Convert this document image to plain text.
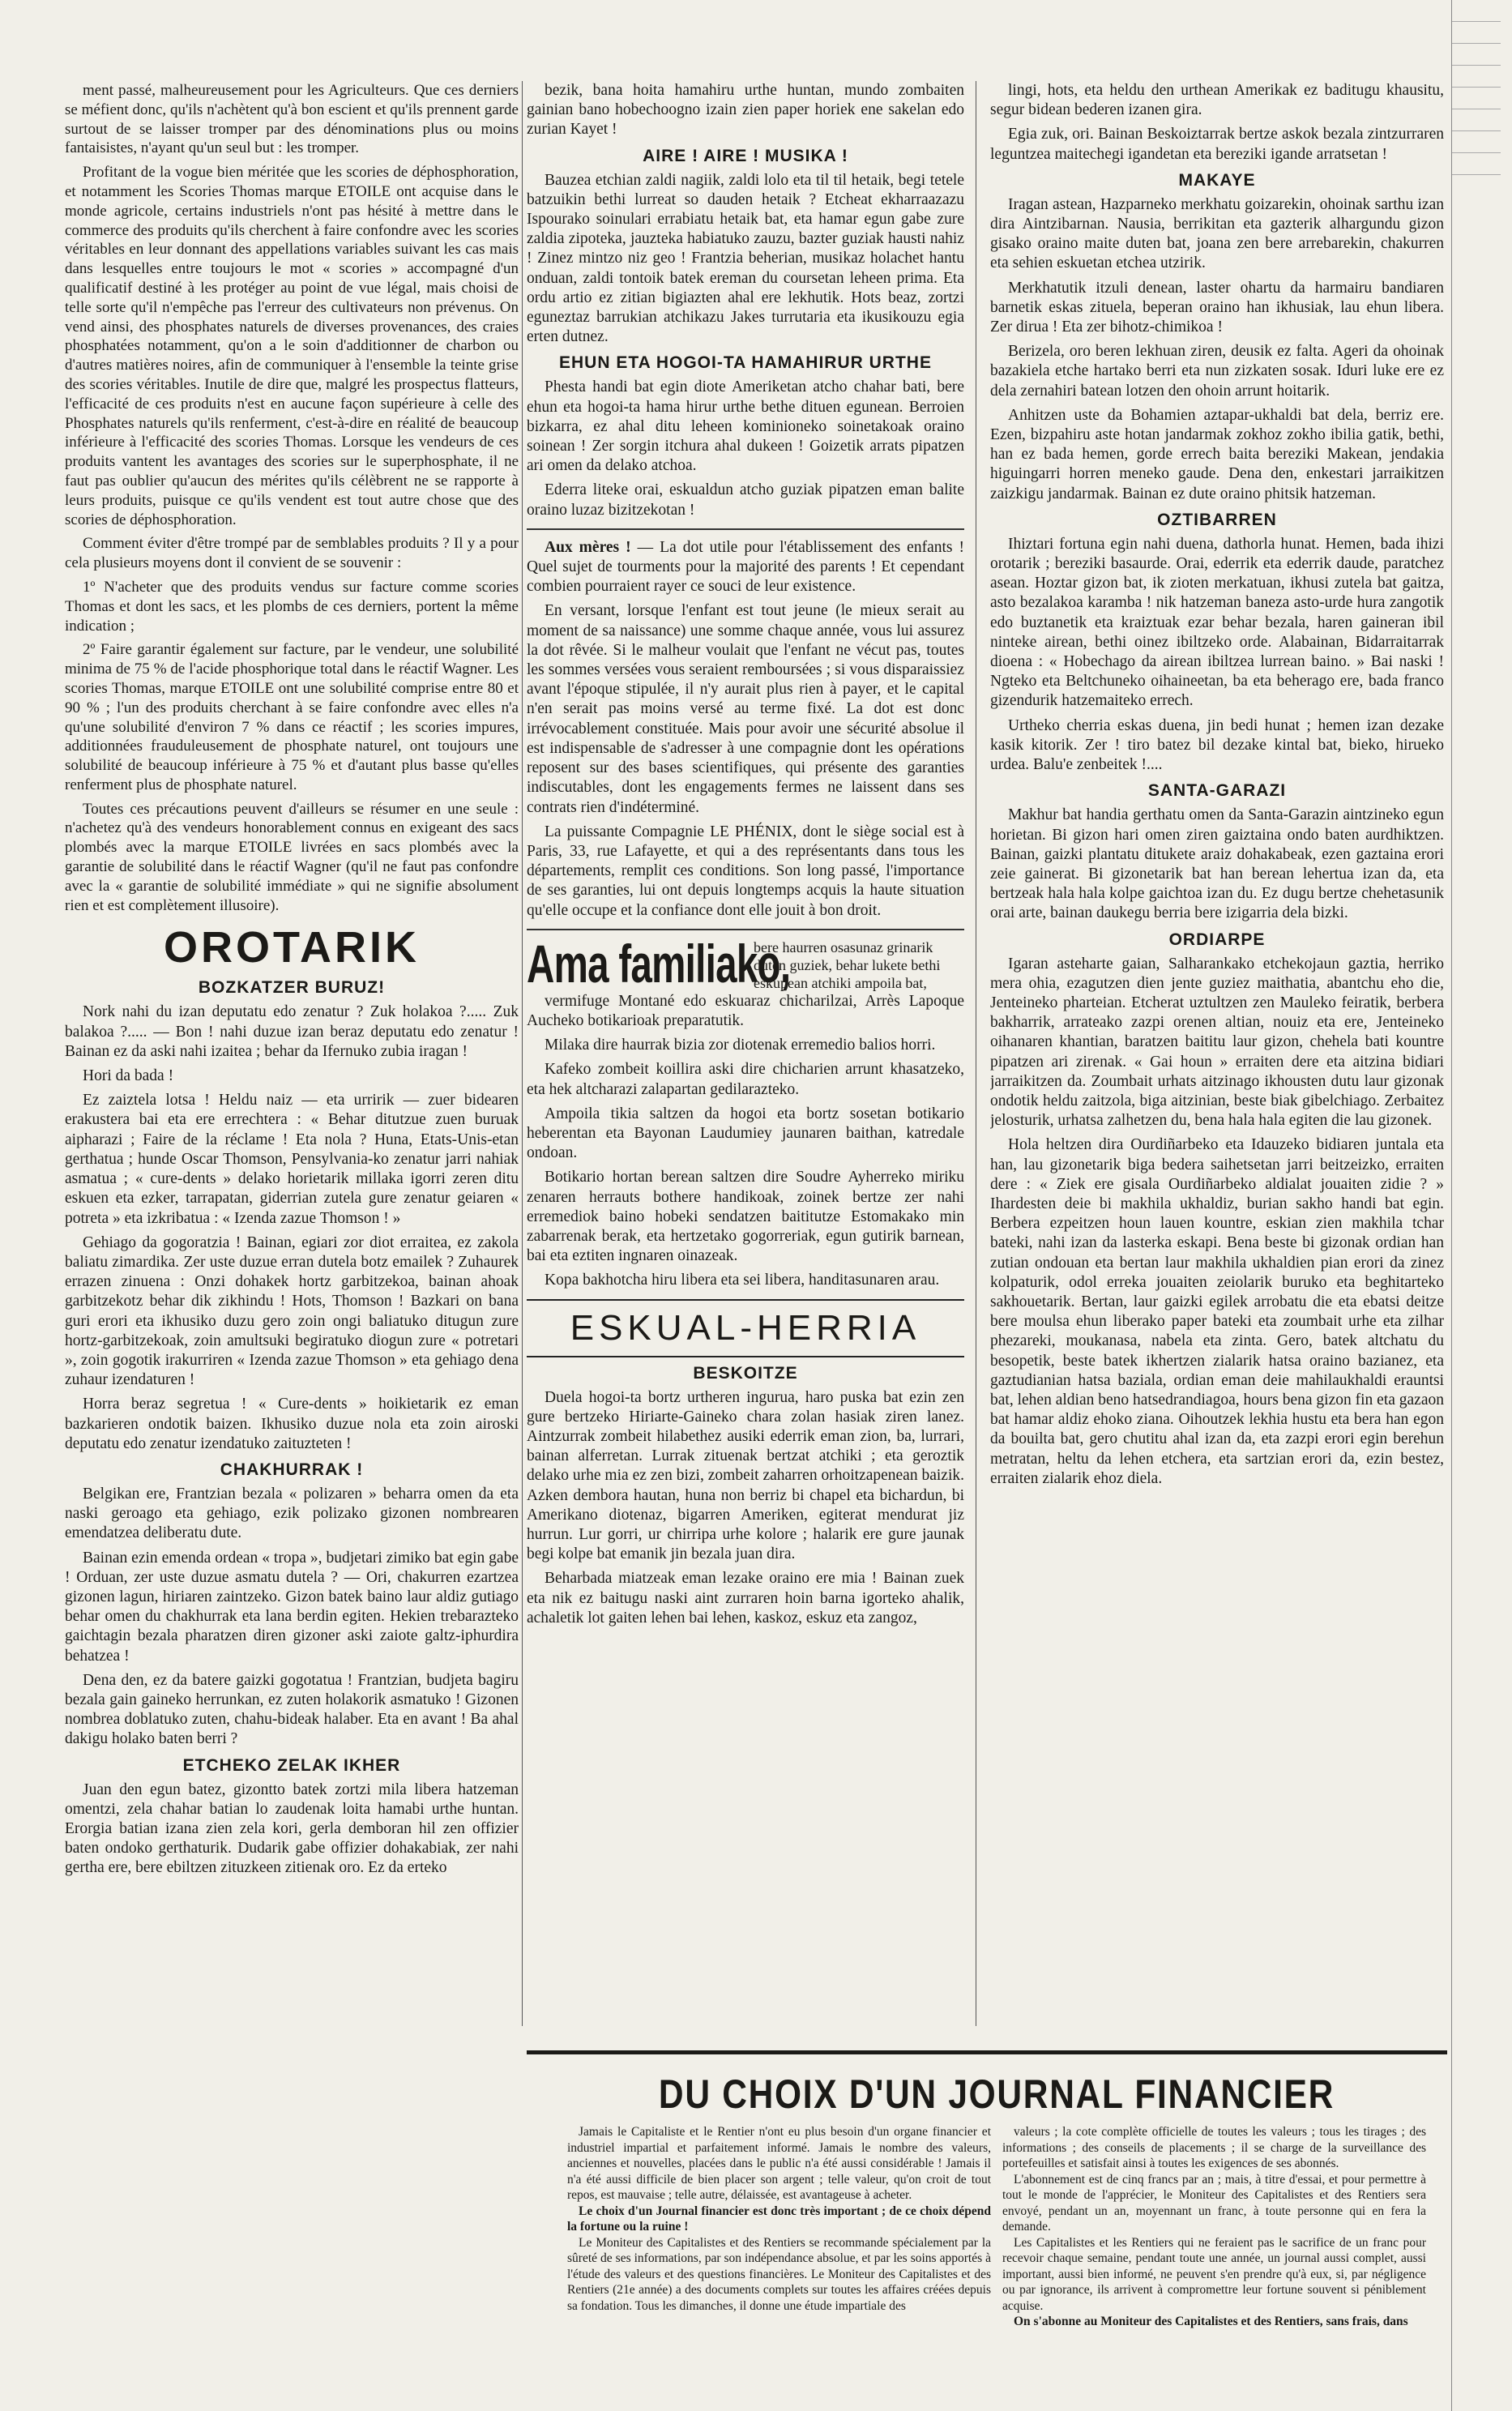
ment passé, malheureusement pour les Agriculteurs. Que ces derniers se méfient donc, qu'ils n'achètent qu'à bon escient et qu'ils prennent garde surtout de se laisser tromper par des dénominations plus ou moins fantaisistes, n'ayant qu'un seul but : les tromper.

Profitant de la vogue bien méritée que les scories de déphosphoration, et notamment les Scories Thomas marque ETOILE ont acquise dans le monde agricole, certains industriels n'ont pas hésité à mettre dans le commerce des produits qu'ils cherchent à faire confondre avec les scories véritables en leur donnant des appellations variables suivant les cas mais dans lesquelles entre toujours le mot « scories » accompagné d'un qualificatif destiné à les protéger au point de vue légal, mais choisi de telle sorte qu'il n'empêche pas l'erreur des cultivateurs non prévenus. On vend ainsi, des phosphates naturels de diverses provenances, des craies phosphatées notamment, qu'on a le soin d'additionner de charbon ou d'autres matières noires, afin de communiquer à l'ensemble la teinte grise des scories véritables. Inutile de dire que, malgré les prospectus flatteurs, l'efficacité de ces produits n'est en aucune façon supérieure à celle des Phosphates naturels qu'ils renferment, c'est-à-dire en réalité de beaucoup inférieure à l'efficacité des scories Thomas. Lorsque les vendeurs de ces produits vantent les avantages des scories sur le superphosphate, il ne faut pas oublier qu'aucun des mérites qu'ils célèbrent ne se rapporte à leurs produits, puisque ce qu'ils vendent est tout autre chose que des scories de déphosphoration.

Comment éviter d'être trompé par de semblables produits ? Il y a pour cela plusieurs moyens dont il convient de se souvenir :

1º N'acheter que des produits vendus sur facture comme scories Thomas et dont les sacs, et les plombs de ces derniers, portent la même indication ;

2º Faire garantir également sur facture, par le vendeur, une solubilité minima de 75 % de l'acide phosphorique total dans le réactif Wagner. Les scories Thomas, marque ETOILE ont une solubilité comprise entre 80 et 90 % ; l'un des produits cherchant à se faire confondre avec elles n'a qu'une solubilité d'environ 7 % dans ce réactif ; les scories impures, additionnées frauduleusement de phosphate naturel, ont toujours une solubilité de beaucoup inférieure à 75 % et d'autant plus basse qu'elles renferment plus de phosphate naturel.

Toutes ces précautions peuvent d'ailleurs se résumer en une seule : n'achetez qu'à des vendeurs honorablement connus en exigeant des sacs plombés avec la marque ETOILE livrées en sacs plombés avec la garantie de solubilité dans le réactif Wagner (qu'il ne faut pas confondre avec la « garantie de solubilité immédiate » qui ne signifie absolument rien et est complètement illusoire).

OROTARIK
BOZKATZER BURUZ!

Nork nahi du izan deputatu edo zenatur ? Zuk holakoa ?..... Zuk balakoa ?..... — Bon ! nahi duzue izan beraz deputatu edo zenatur ! Bainan ez da aski nahi izaitea ; behar da Ifernuko zubia iragan !

Hori da bada !

Ez zaiztela lotsa ! Heldu naiz — eta urririk — zuer bidearen erakustera bai eta ere errechtera : « Behar ditutzue zuen buruak aipharazi ; Faire de la réclame ! Eta nola ? Huna, Etats-Unis-etan gerthatua ; hunde Oscar Thomson, Pensylvania-ko zenatur jarri nahiak asmatua ; « cure-dents » delako horietarik millaka igorri zeren ditu eskuen eta ezker, tarrapatan, giderrian zutela gure zenatur geiaren « potreta » eta izkribatua : « Izenda zazue Thomson ! »

Gehiago da gogoratzia ! Bainan, egiari zor diot erraitea, ez zakola baliatu zimardika. Zer uste duzue erran dutela botz emailek ? Zuhaurek errazen zinuena : Onzi dohakek hortz garbitzekoa, bainan ahoak garbitzekotz behar dik zikhindu ! Hots, Thomson ! Bazkari on bana guri erori eta ikhusiko duzu gero zoin ongi baliatuko ditugun zure hortz-garbitzekoak, zoin amultsuki begiratuko diogun zure « potretari », zoin gogotik irakurriren « Izenda zazue Thomson » eta gehiago dena zuhaur izendaturen !

Horra beraz segretua ! « Cure-dents » hoikietarik ez eman bazkarieren ondotik baizen. Ikhusiko duzue nola eta zoin airoski deputatu edo zenatur izendatuko zaituzteten !

CHAKHURRAK !

Belgikan ere, Frantzian bezala « polizaren » beharra omen da eta naski geroago eta gehiago, ezik polizako gizonen nombrearen emendatzea deliberatu dute.

Bainan ezin emenda ordean « tropa », budjetari zimiko bat egin gabe ! Orduan, zer uste duzue asmatu dutela ? — Ori, chakurren ezartzea gizonen lagun, hiriaren zaintzeko. Gizon batek baino laur aldiz gutiago behar omen du chakhurrak eta lana berdin egiten. Hekien trebaraztekо gaichtagin bezala pharatzen diren gizoner aski zaiote galtz-iphurdira behatzea !

Dena den, ez da batere gaizki gogotatua ! Frantzian, budjeta bagiru bezala gain gaineko herrunkan, ez zuten holakorik asmatuko ! Gizonen nombrea doblatuko zuten, chahu-bideak halaber. Eta en avant ! Ba ahal dakigu holako baten berri ?

ETCHEKO ZELAK IKHER

Juan den egun batez, gizontto batek zortzi mila libera hatzeman omentzi, zela chahar batian lo zaudenak loita hamabi urthe huntan. Erorgia batian izana zien zela kori, gerla demboran hil zen offizier baten ondoko gerthaturik. Dudarik gabe offizier dohakabiak, zer nahi gertha ere, bere ebiltzen zituzkeen zitienak oro. Ez da erteko

bezik, bana hoita hamahiru urthe huntan, mundo zombaiten gainian bano hobechoogno izain zien paper horiek ene sakelan edo zurian Kayet !

AIRE ! AIRE ! MUSIKA !

Bauzea etchian zaldi nagiik, zaldi lolo eta til til hetaik, begi tetele batzuikin bethi lurreat so dauden hetaik ? Etcheat ekharraazazu Ispourako soinulari errabiatu hetaik bat, eta hamar egun gabe zure zaldia zipoteka, jauzteka habiatuko zauzu, bazter guziak hausti nahiz ! Zinez mintzo niz geo ! Frantzia beherian, musikaz holachet hantu onduan, zaldi tontoik batek ereman du coursetan leheen prima. Eta ordu artio ez zitian bigiazten ahal ere lekhutik. Hots beaz, zortzi eguneztaz barrukian atchikazu Jakes turrutaria eta ikusikouzu egia erten dutnez.

EHUN ETA HOGOI-TA HAMAHIRUR URTHE

Phesta handi bat egin diote Ameriketan atcho chahar bati, bere ehun eta hogoi-ta hama hirur urthe bethe dituen egunean. Berroien bizkarra, ez ahal ditu leheen kominioneko soinetakoak oraino soinean ! Zer sorgin itchura ahal dukeen ! Goizetik arrats pipatzen ari omen da delako atchoa.

Ederra liteke orai, eskualdun atcho guziak pipatzen eman balite oraino luzaz bizitzekotan !

Aux mères ! — La dot utile pour l'établissement des enfants ! Quel sujet de tourments pour la majorité des parents ! Et cependant combien pourraient rayer ce souci de leur existence.

En versant, lorsque l'enfant est tout jeune (le mieux serait au moment de sa naissance) une somme chaque année, vous lui assurez la dot rêvée. Si le malheur voulait que l'enfant ne vécut pas, toutes les sommes versées vous seraient remboursées ; si vous disparaissiez avant l'époque stipulée, il n'y aurait plus rien à payer, et le capital n'en serait pas moins versé au terme fixé. La dot est donc irrévocablement constituée. Mais pour avoir une sécurité absolue il est indispensable de s'adresser à une compagnie dont les opérations reposent sur des bases scientifiques, qui présente des garanties indiscutables, dont les engagements fermes ne laissent dans ses contrats rien d'indéterminé.

La puissante Compagnie LE PHÉNIX, dont le siège social est à Paris, 33, rue Lafayette, et qui a des représentants dans tous les départements, remplit ces conditions. Son long passé, l'importance de ses garanties, lui ont depuis longtemps acquis la haute situation qu'elle occupe et la confiance dont elle jouit à bon droit.

Ama familiako,
bere haurren osasunaz grinarik duten guziek, behar lukete bethi eskupean atchiki ampoila bat,

vermifuge Montané edo eskuaraz chicharilzai, Arrès Lapoque Aucheko botikarioak preparatutik.

Milaka dire haurrak bizia zor diotenak erremedio balios horri.

Kafeko zombeit koillira aski dire chicharien arrunt khasatzeko, eta hek altcharazi zalapartan gedilarazteko.

Ampoila tikia saltzen da hogoi eta bortz sosetan botikario heberentan eta Bayonan Laudumiey jaunaren baithan, katredale ondoan.

Botikario hortan berean saltzen dire Soudre Ayherreko miriku zenaren herrauts bothere handikoak, zoinek bertze zer nahi erremediok baino hobeki sendatzen baititutze Estomakako min zabarrenak berak, eta hertzetako gogorreriak, egun gutirik barnean, bai eta eztiten ingnaren oinazeak.

Kopa bakhotcha hiru libera eta sei libera, handitasunaren arau.

ESKUAL-HERRIA
BESKOITZE

Duela hogoi-ta bortz urtheren inguruа, haro puska bat ezin zen gure bertzeko Hiriarte-Gaineko chara zolan hasiak ziren lanez. Aintzurrak zombeit hilabethez ausiki ederrik eman zion, ba, lurrari, bainan alferretan. Lurrak zituenak bertzat atchiki ; eta geroztik delako urhe mia ez zen bizi, zombeit zaharren orhoitzapenean baizik. Azken dembora hautan, huna non berriz bi chapel eta bichardun, bi Amerikano diotenaz, bigarren Ameriken, egiterat mendurat jiz hurrun. Lur gorri, ur chirripa urhe kolore ; halarik ere gure jaunak begi kolpe bat emanik jin bezala juan dira.

Beharbada miatzeak eman lezake oraino ere mia ! Bainan zuek eta nik ez baitugu naski aint zurraren hoin barna igorteko ahalik, achaletik lot gaiten lehen bai lehen, kaskoz, eskuz eta zangoz,

lingi, hots, eta heldu den urthean Amerikak ez baditugu khausitu, segur bidean bederen izanen gira.

Egia zuk, ori. Bainan Beskoiztarrak bertze askok bezala zintzurraren leguntzea maitechegi igandetan eta bereziki igande arratsetan !

MAKAYE

Iragan astean, Hazparneko merkhatu goizarekin, ohoinak sarthu izan dira Aintzibarnan. Nausia, berrikitan eta gazterik alhargundu gizon gisako oraino maite duten bat, joana zen bere arrebarekin, chakurren eta sehien eskuetan etchea utzirik.

Merkhatutik itzuli denean, laster ohartu da harmairu bandiaren barnetik eskas zituela, beperan oraino han ikhusiak, lau ehun libera. Zer dirua ! Eta zer bihotz-chimikoa !

Berizela, oro beren lekhuan ziren, deusik ez falta. Ageri da ohoinak bazakiela etche hartako berri eta nun zizkaten sosak. Iduri luke ere ez dela zernahiri batean lotzen den ohoin arrunt hoitarik.

Anhitzen uste da Bohamien aztapar-ukhaldi bat dela, berriz ere. Ezen, bizpahiru aste hotan jandarmak zokhoz zokho ibilia gatik, bethi, han ez bada hemen, gorde errech baita bereziki Makean, jendakia higuingarri horren meneko gaude. Dena den, enkestari jarraikitzen zaizkigu jandarmak. Bainan ez dute oraino phitsik hatzeman.

OZTIBARREN

Ihiztari fortuna egin nahi duena, dathorla hunat. Hemen, bada ihizi orotarik ; bereziki basaurde. Orai, ederrik eta ederrik daude, paratchez asean. Hoztar gizon bat, ik zioten merkatuan, ikhusi zutela bat gaitza, asto bezalakoa karamba ! nik hatzeman baneza asto-urde hura zangotik edo buztanetik eta kraiztuak ezar behar bezala, haren gaineran ibil ninteke airean, bethi oinez ibiltzeko orde. Alabainan, Bidarraitarrak dioena : « Hobechago da airean ibiltzea lurrean baino. » Bai naski ! Ngteko eta Beltchuneko oihaineetan, ba eta beherago ere, bada franco gizendurik hatzemaiteko errech.

Urtheko cherria eskas duena, jin bedi hunat ; hemen izan dezake kasik kitorik. Zer ! tiro batez bil dezake kintal bat, bieko, hirueko urdea. Balu'e zenbeitek !....

SANTA-GARAZI

Makhur bat handia gerthatu omen da Santa-Garazin aintzineko egun horietan. Bi gizon hari omen ziren gaiztaina ondo baten aurdhiktzen. Bainan, gaizki plantatu ditukete araiz dohakabeak, ezen gaztaina erori zeie gainerat. Bi gizonetarik bat han bereаn lehertua izan da, eta bertzeak hala hala kolpe gaichtoa izan du. Ez dugu bertze chehetasunik orai arte, bainan daukegu berria bere izigarria dela bizki.

ORDIARPE

Igaran asteharte gaian, Salharankako etchekojaun gaztia, herriko mera ohia, ezagutzen dien jente guziez maithatia, abantchu eho die, Jenteineko pharteian. Etcherat uztultzen zen Mauleko feiratik, berbera bakharrik, arrateako zazpi orenen altian, nouiz eta ere, Jenteineko oihanaren khantian, baratzen baititu laur gizon, chehela bati kountre pipatzen ari zirenak. « Gai houn » erraiten dere eta aitzina bidiari jarraikitzen da. Zoumbait urhats aitzinago ikhousten dutu laur gizonak ondotik heldu zaitzola, biga aitzinian, beste biak gibelchiago. Zerbaitez jelosturik, urhatsa zalhetzen du, bena hala hala egiten die lau gizonek.

Hola heltzen dira Ourdiñarbeko eta Idauzeko bidiaren juntala eta han, lau gizonetarik biga bedera saihetsetan jarri beitzeizko, erraiten dere : « Ziek ere gisala Ourdiñarbeko aldialat jouaiten zidie ? » Ihardesten deie bi makhila ukhaldiz, burian sakho handi bat egin. Berbera ezpeitzen houn lauen kountre, eskian zien makhila tchar bateki, nahi izan da lasterka eskapi. Bena beste bi gizonak ordian han zutian ondouan eta bertan laur makhila ukhaldien pian erori da zinez kolpaturik, odol erreka jouaiten zeiolarik buruko eta beghitarteko sakhouetarik. Bertan, laur gaizki egilek arrobatu die eta ebatsi deitze bere moulsa ehun liberako paper bateki eta zoumbait urhe eta zilhar phezareki, moukanasa, nabela eta zinta. Gero, batek altchatu du besopetik, beste batek ikhertzen zialarik hatsa oraino bazianez, eta gaztudianian hatsa baziala, ordian eman deie mahilaukhaldi erauntsi bat, lehen aldian beno hatsedrandiagoa, hours bena gizon fin eta gazaon bat hamar aldiz ehoko ziana. Oihoutzek lekhia hustu eta bera han egon da bouilta bat, gero chutitu ahal izan da, eta zazpi erori egin berehun metratan, heltu da lehen etchera, eta sartzian erori da, ezin bestez, erraiten zialarik ehoz diela.

DU CHOIX D'UN JOURNAL FINANCIER

Jamais le Capitaliste et le Rentier n'ont eu plus besoin d'un organe financier et industriel impartial et parfaitement informé. Jamais le nombre des valeurs, anciennes et nouvelles, placées dans le public n'a été aussi considérable ! Jamais il n'a été aussi difficile de bien placer son argent ; telle valeur, qu'on croit de tout repos, est mauvaise ; telle autre, délaissée, est avantageuse à acheter.

Le choix d'un Journal financier est donc très important ; de ce choix dépend la fortune ou la ruine !

Le Moniteur des Capitalistes et des Rentiers se recommande spécialement par la sûreté de ses informations, par son indépendance absolue, et par les soins apportés à l'étude des valeurs et des questions financières. Le Moniteur des Capitalistes et des Rentiers (21e année) a des documents complets sur toutes les affaires créées depuis sa fondation. Tous les dimanches, il donne une étude impartiale des

valeurs ; la cote complète officielle de toutes les valeurs ; tous les tirages ; des informations ; des conseils de placements ; il se charge de la surveillance des portefeuilles et satisfait ainsi à toutes les exigences de ses abonnés.

L'abonnement est de cinq francs par an ; mais, à titre d'essai, et pour permettre à tout le monde de l'apprécier, le Moniteur des Capitalistes et des Rentiers sera envoyé, pendant un an, moyennant un franc, à toute personne qui en fera la demande.

Les Capitalistes et les Rentiers qui ne feraient pas le sacrifice de un franc pour recevoir chaque semaine, pendant toute une année, un journal aussi complet, aussi important, aussi bien informé, ne peuvent s'en prendre qu'à eux, si, par négligence ou par ignorance, ils arrivent à compromettre leur fortune souvent si péniblement acquise.

On s'abonne au Moniteur des Capitalistes et des Rentiers, sans frais, dans
